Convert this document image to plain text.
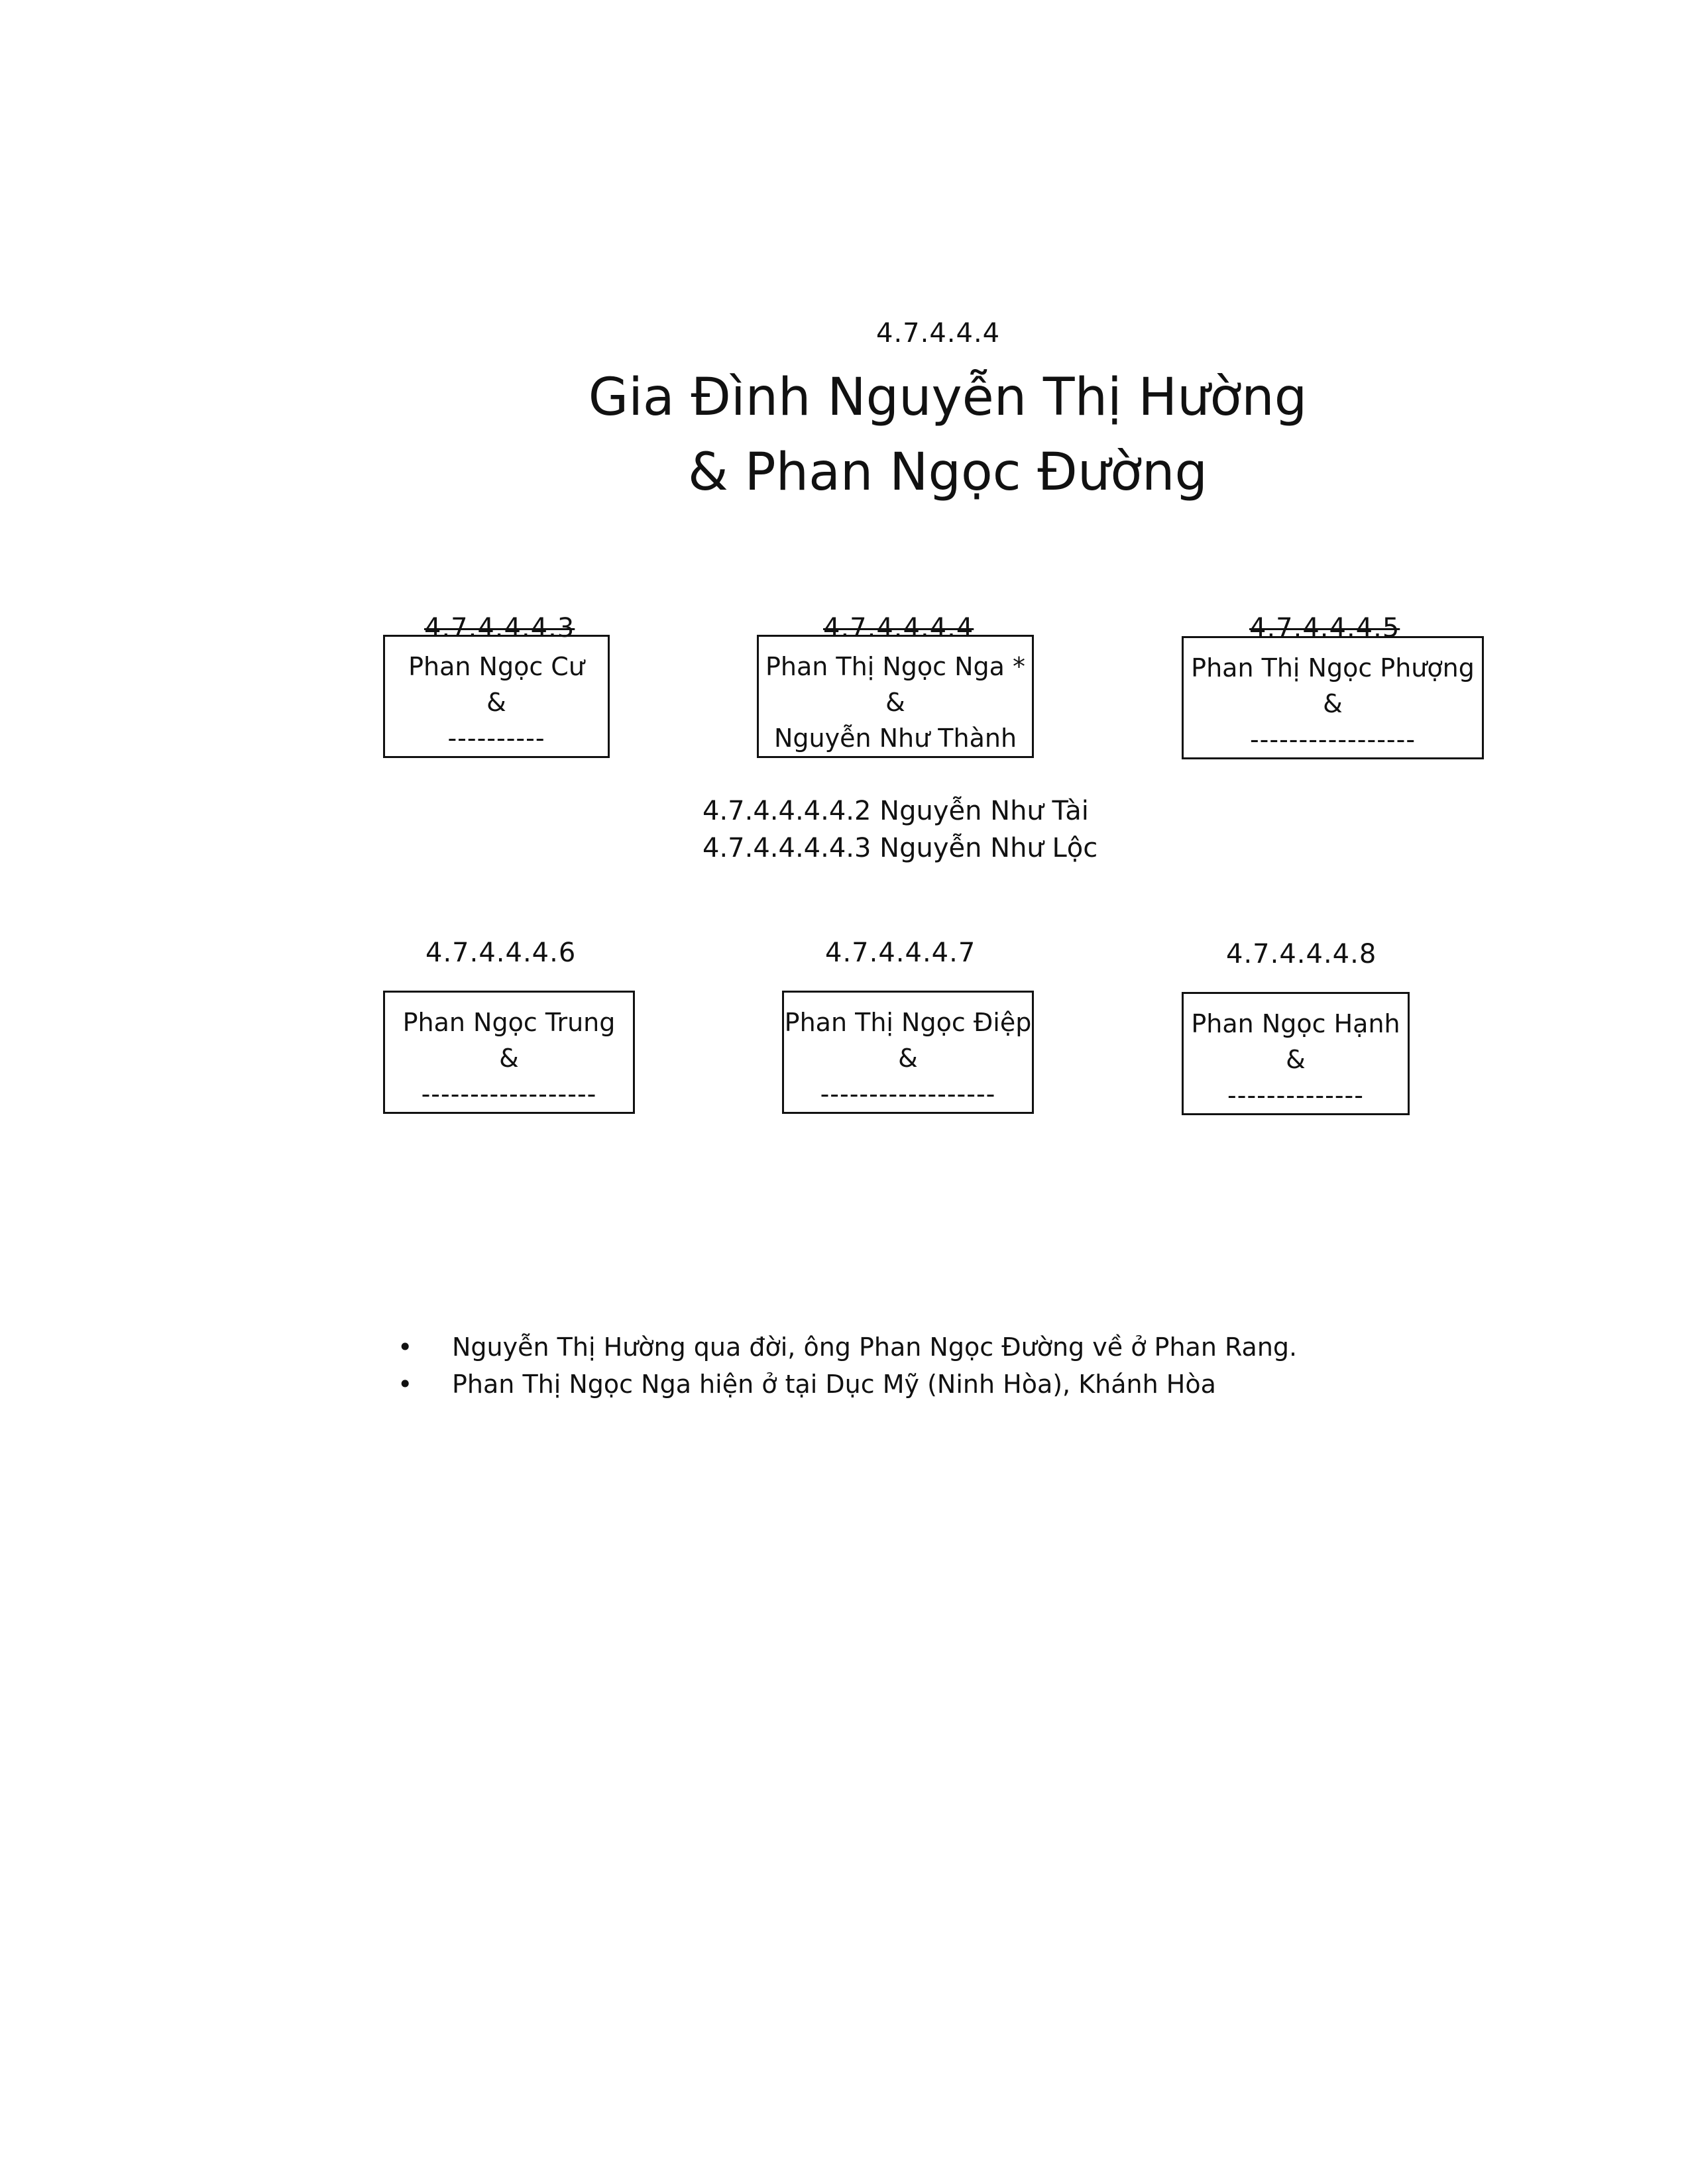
4.7.4.4.4
Gia Đình Nguyễn Thị Hường
& Phan Ngọc Đường
4.7.4.4.4.3
Phan Ngọc Cư
&
----------
4.7.4.4.4.4
Phan Thị Ngọc Nga *
&
Nguyễn Như Thành
4.7.4.4.4.5
Phan Thị Ngọc Phượng
&
-----------------
4.7.4.4.4.4.2 Nguyễn Như Tài
4.7.4.4.4.4.3 Nguyễn Như Lộc
4.7.4.4.4.6
Phan Ngọc Trung
&
------------------
4.7.4.4.4.7
Phan Thị Ngọc Điệp
&
------------------
4.7.4.4.4.8
Phan Ngọc Hạnh
&
--------------
•	Nguyễn Thị Hường qua đời, ông Phan Ngọc Đường về ở Phan Rang.
•	Phan Thị Ngọc Nga hiện ở tại Dục Mỹ (Ninh Hòa), Khánh Hòa
